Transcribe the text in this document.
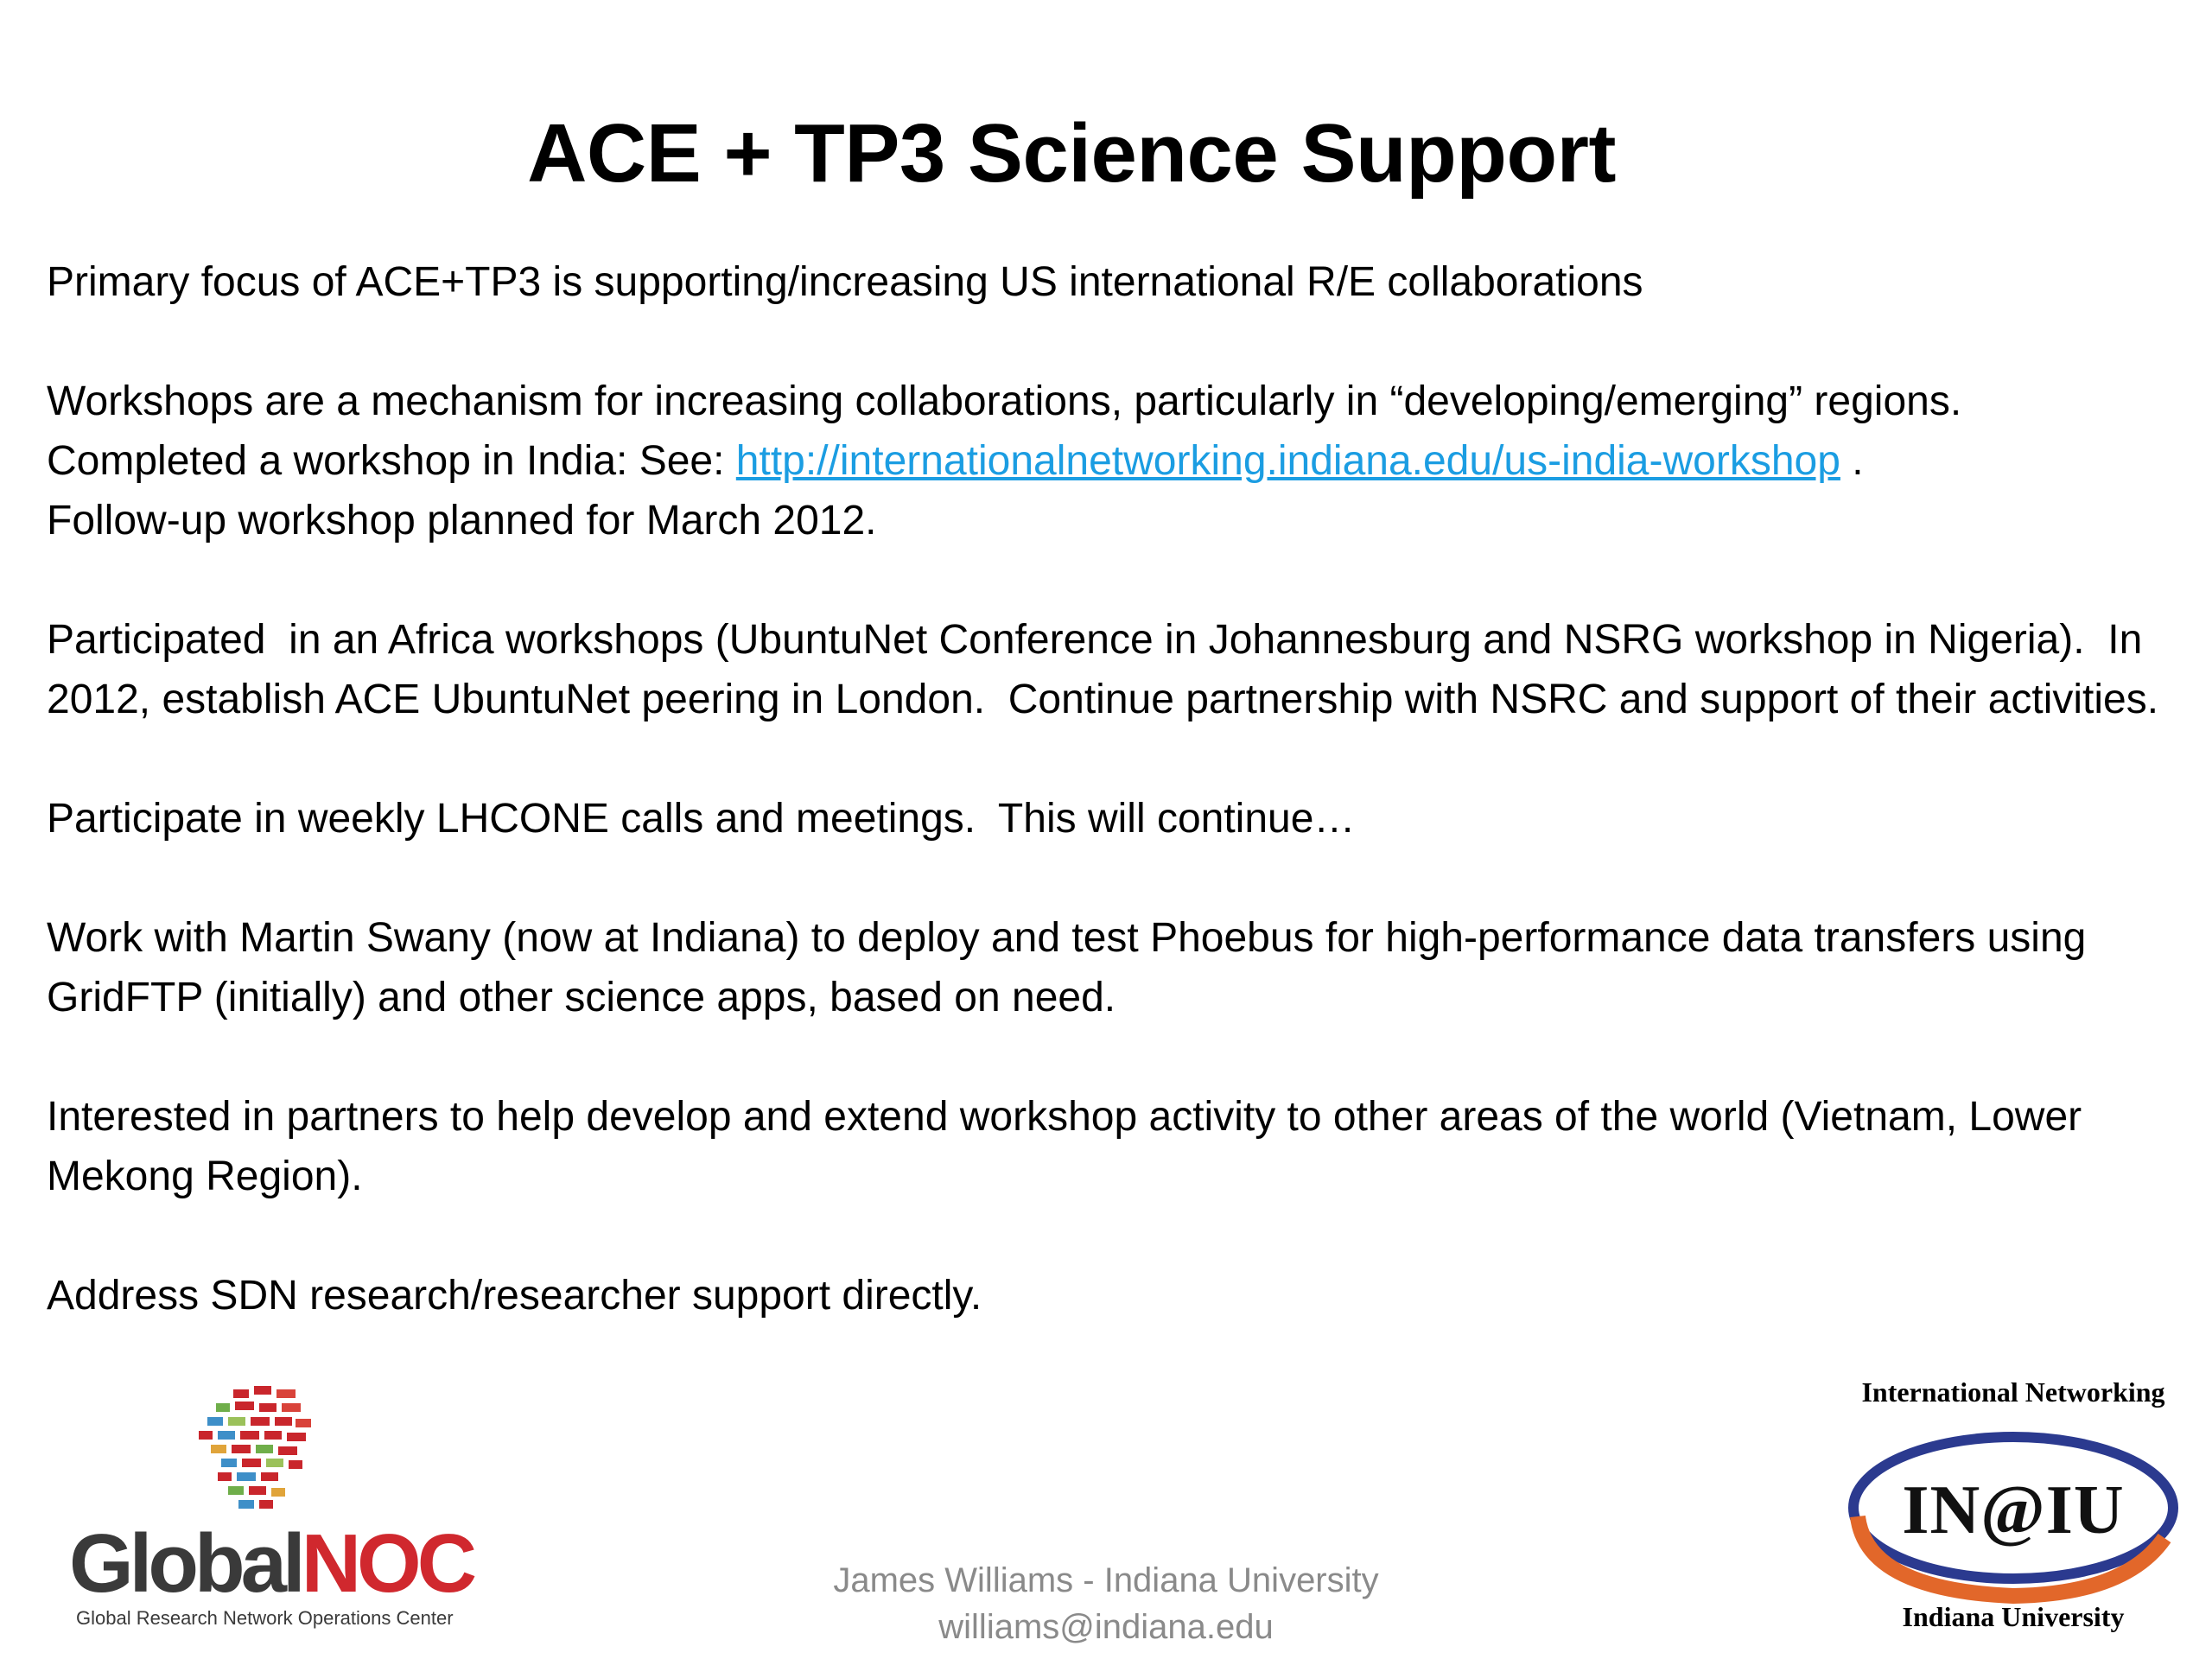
ACE + TP3 Science Support

Primary focus of ACE+TP3 is supporting/increasing US international R/E collaborations

Workshops are a mechanism for increasing collaborations, particularly in “developing/emerging” regions.
Completed a workshop in India: See: http://internationalnetworking.indiana.edu/us-india-workshop .
Follow-up workshop planned for March 2012.

Participated  in an Africa workshops (UbuntuNet Conference in Johannesburg and NSRG workshop in Nigeria).  In 2012, establish ACE UbuntuNet peering in London.  Continue partnership with NSRC and support of their activities.

Participate in weekly LHCONE calls and meetings.  This will continue…

Work with Martin Swany (now at Indiana) to deploy and test Phoebus for high-performance data transfers using GridFTP (initially) and other science apps, based on need.

Interested in partners to help develop and extend workshop activity to other areas of the world (Vietnam, Lower Mekong Region).

Address SDN research/researcher support directly.

GlobalNOC
Global Research Network Operations Center
James Williams - Indiana University
williams@indiana.edu
International Networking
IN@IU
Indiana University
